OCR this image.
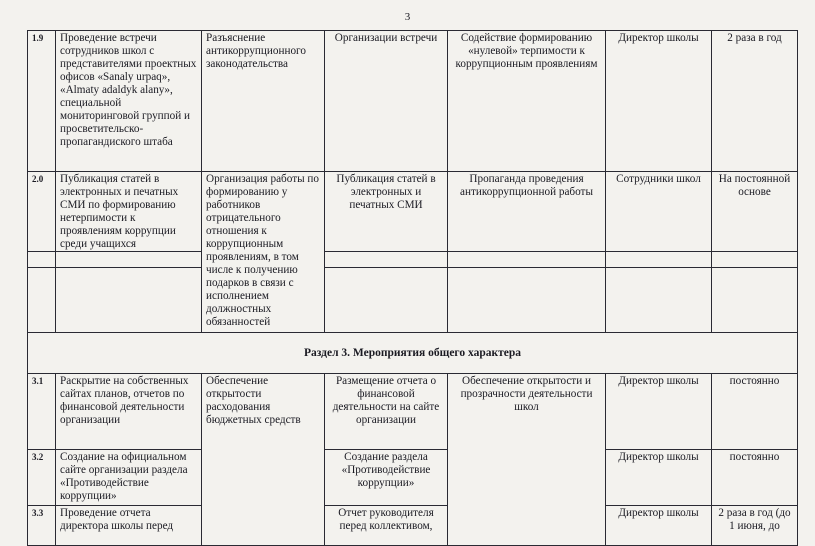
3
1.9	Проведение встречи сотрудников школ с представителями проектных офисов «Sanaly urpaq», «Almaty adaldyk alany», специальной мониторинговой группой и просветительско-пропагандиского штаба	Разъяснение антикоррупционного законодательства	Организации встречи	Содействие формированию «нулевой» терпимости к коррупционным проявлениям	Директор школы	2 раза в год
2.0	Публикация статей в электронных и печатных СМИ по формированию нетерпимости к проявлениям коррупции среди учащихся	Организация работы по формированию у работников отрицательного отношения к коррупционным проявлениям, в том числе к получению подарков в связи с исполнением должностных обязанностей	Публикация статей в электронных и печатных СМИ	Пропаганда проведения антикоррупционной работы	Сотрудники школ	На постоянной основе

Раздел 3. Мероприятия общего характера						
3.1	Раскрытие на собственных сайтах планов, отчетов по финансовой деятельности организации	Обеспечение открытости расходования бюджетных средств	Размещение отчета о финансовой деятельности на сайте организации	Обеспечение открытости и прозрачности деятельности школ	Директор школы	постоянно
3.2	Создание на официальном сайте организации раздела «Противодействие коррупции»		Создание раздела «Противодействие коррупции»		Директор школы	постоянно
3.3	Проведение отчета директора школы перед		Отчет руководителя перед коллективом,		Директор школы	2 раза в год (до 1 июня, до
